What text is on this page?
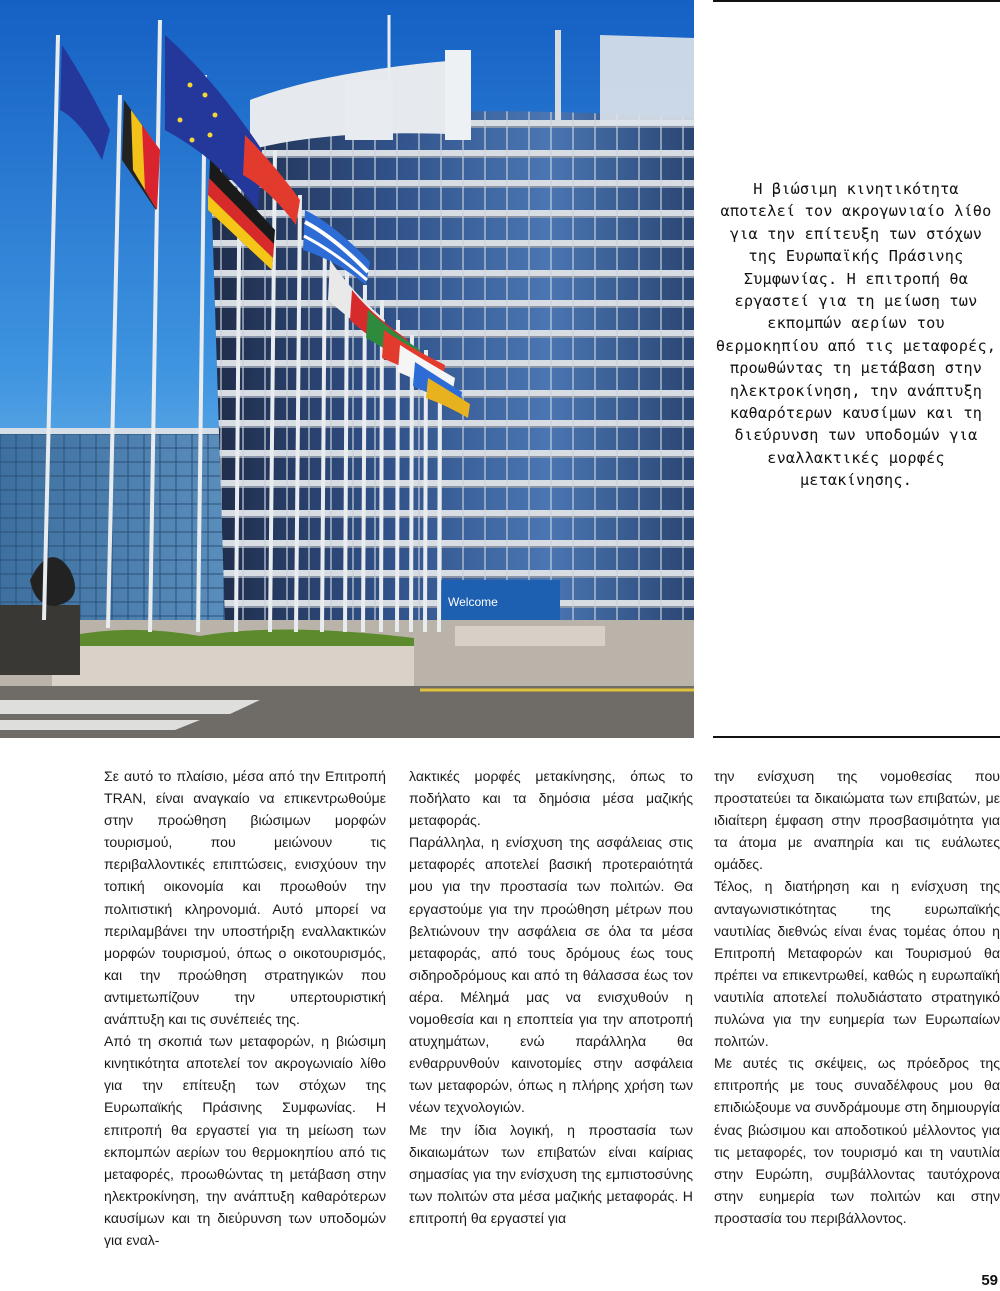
Welcome

Η βιώσιμη κινητικότητα αποτελεί τον ακρογωνιαίο λίθο για την επίτευξη των στόχων της Ευρωπαϊκής Πράσινης Συμφωνίας. Η επιτροπή θα εργαστεί για τη μείωση των εκπομπών αερίων του θερμοκηπίου από τις μεταφορές, προωθώντας τη μετάβαση στην ηλεκτροκίνηση, την ανάπτυξη καθαρότερων καυσίμων και τη διεύρυνση των υποδομών για εναλλακτικές μορφές μετακίνησης.

Σε αυτό το πλαίσιο, μέσα από την Επιτροπή TRAN, είναι αναγκαίο να επικεντρωθούμε στην προώθηση βιώσιμων μορφών τουρισμού, που μειώνουν τις περιβαλλοντικές επιπτώσεις, ενισχύουν την τοπική οικονομία και προωθούν την πολιτιστική κληρονομιά. Αυτό μπορεί να περιλαμβάνει την υποστήριξη εναλλακτικών μορφών τουρισμού, όπως ο οικοτουρισμός, και την προώθηση στρατηγικών που αντιμετωπίζουν την υπερτουριστική ανάπτυξη και τις συνέπειές της.

Από τη σκοπιά των μεταφορών, η βιώσιμη κινητικότητα αποτελεί τον ακρογωνιαίο λίθο για την επίτευξη των στόχων της Ευρωπαϊκής Πράσινης Συμφωνίας. Η επιτροπή θα εργαστεί για τη μείωση των εκπομπών αερίων του θερμοκηπίου από τις μεταφορές, προωθώντας τη μετάβαση στην ηλεκτροκίνηση, την ανάπτυξη καθαρότερων καυσίμων και τη διεύρυνση των υποδομών για εναλ-

λακτικές μορφές μετακίνησης, όπως το ποδήλατο και τα δημόσια μέσα μαζικής μεταφοράς.

Παράλληλα, η ενίσχυση της ασφάλειας στις μεταφορές αποτελεί βασική προτεραιότητά μου για την προστασία των πολιτών. Θα εργαστούμε για την προώθηση μέτρων που βελτιώνουν την ασφάλεια σε όλα τα μέσα μεταφοράς, από τους δρόμους έως τους σιδηροδρόμους και από τη θάλασσα έως τον αέρα. Μέλημά μας να ενισχυθούν η νομοθεσία και η εποπτεία για την αποτροπή ατυχημάτων, ενώ παράλληλα θα ενθαρρυνθούν καινοτομίες στην ασφάλεια των μεταφορών, όπως η πλήρης χρήση των νέων τεχνολογιών.

Με την ίδια λογική, η προστασία των δικαιωμάτων των επιβατών είναι καίριας σημασίας για την ενίσχυση της εμπιστοσύνης των πολιτών στα μέσα μαζικής μεταφοράς. Η επιτροπή θα εργαστεί για

την ενίσχυση της νομοθεσίας που προστατεύει τα δικαιώματα των επιβατών, με ιδιαίτερη έμφαση στην προσβασιμότητα για τα άτομα με αναπηρία και τις ευάλωτες ομάδες.

Τέλος, η διατήρηση και η ενίσχυση της ανταγωνιστικότητας της ευρωπαϊκής ναυτιλίας διεθνώς είναι ένας τομέας όπου η Επιτροπή Μεταφορών και Τουρισμού θα πρέπει να επικεντρωθεί, καθώς η ευρωπαϊκή ναυτιλία αποτελεί πολυδιάστατο στρατηγικό πυλώνα για την ευημερία των Ευρωπαίων πολιτών.

Με αυτές τις σκέψεις, ως πρόεδρος της επιτροπής με τους συναδέλφους μου θα επιδιώξουμε να συνδράμουμε στη δημιουργία ένας βιώσιμου και αποδοτικού μέλλοντος για τις μεταφορές, τον τουρισμό και τη ναυτιλία στην Ευρώπη, συμβάλλοντας ταυτόχρονα στην ευημερία των πολιτών και στην προστασία του περιβάλλοντος.

59
